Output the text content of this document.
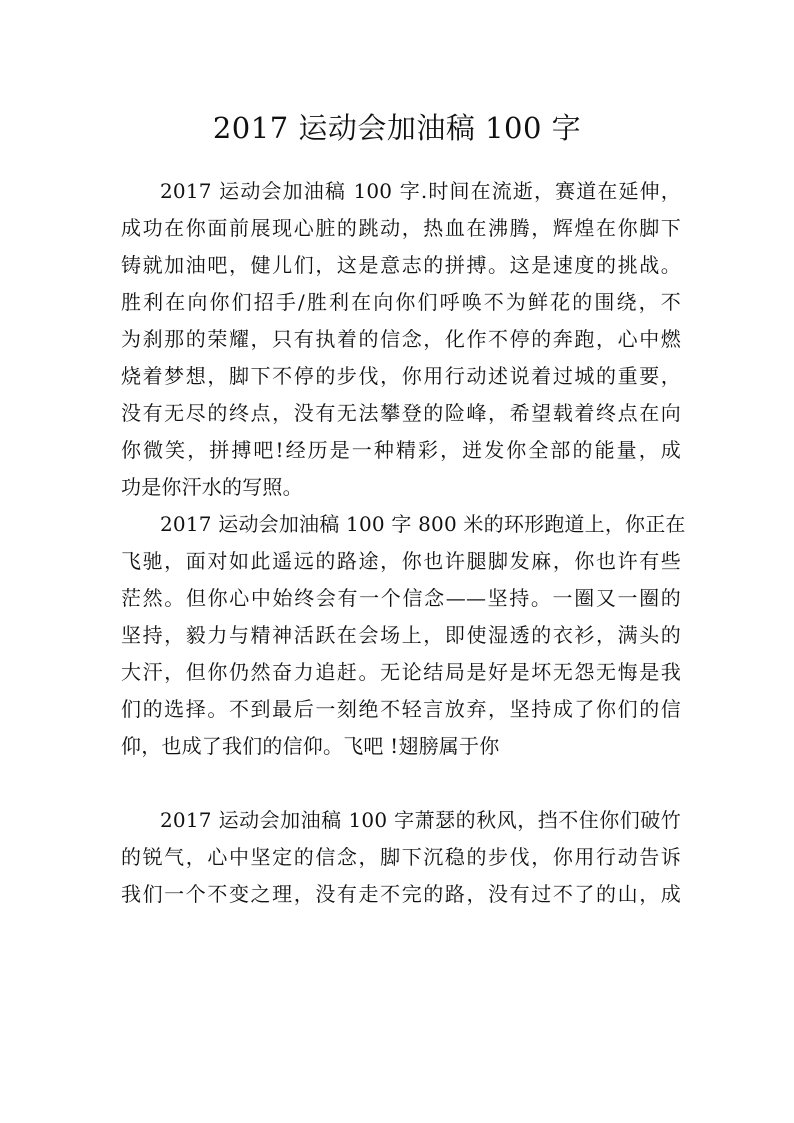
2017 运动会加油稿 100 字
2017 运动会加油稿 100 字.时间在流逝，赛道在延伸，
成功在你面前展现心脏的跳动，热血在沸腾，辉煌在你脚下
铸就加油吧，健儿们，这是意志的拼搏。这是速度的挑战。
胜利在向你们招手/胜利在向你们呼唤不为鲜花的围绕，不
为刹那的荣耀，只有执着的信念，化作不停的奔跑，心中燃
烧着梦想，脚下不停的步伐，你用行动述说着过城的重要，
没有无尽的终点，没有无法攀登的险峰，希望载着终点在向
你微笑，拼搏吧!经历是一种精彩，迸发你全部的能量，成
功是你汗水的写照。
2017 运动会加油稿 100 字 800 米的环形跑道上，你正在
飞驰，面对如此遥远的路途，你也许腿脚发麻，你也许有些
茫然。但你心中始终会有一个信念——坚持。一圈又一圈的
坚持，毅力与精神活跃在会场上，即使湿透的衣衫，满头的
大汗，但你仍然奋力追赶。无论结局是好是坏无怨无悔是我
们的选择。不到最后一刻绝不轻言放弃，坚持成了你们的信
仰，也成了我们的信仰。飞吧 !翅膀属于你
2017 运动会加油稿 100 字萧瑟的秋风，挡不住你们破竹
的锐气，心中坚定的信念，脚下沉稳的步伐，你用行动告诉
我们一个不变之理，没有走不完的路，没有过不了的山，成
